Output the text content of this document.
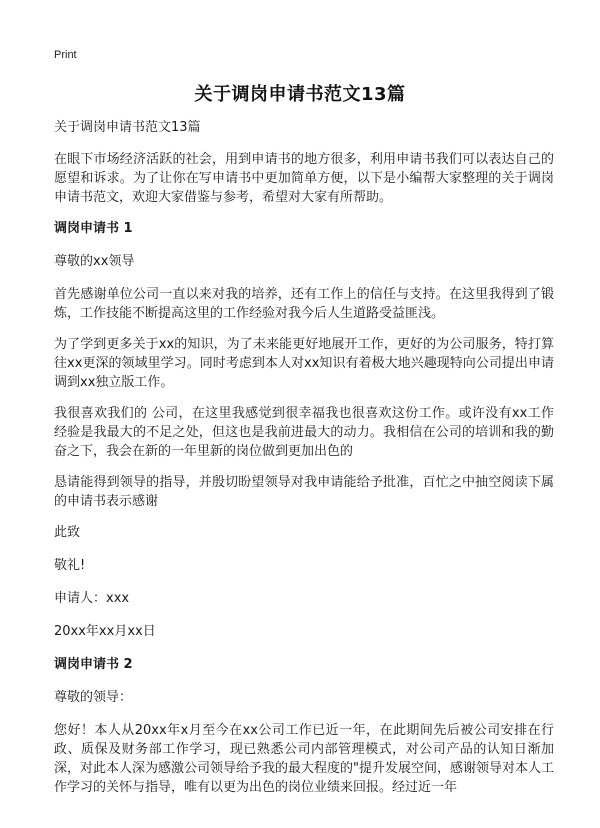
Print
关于调岗申请书范文13篇

关于调岗申请书范文13篇

在眼下市场经济活跃的社会，用到申请书的地方很多，利用申请书我们可以表达自己的愿望和诉求。为了让你在写申请书中更加简单方便，以下是小编帮大家整理的关于调岗申请书范文，欢迎大家借鉴与参考，希望对大家有所帮助。

调岗申请书 1

尊敬的xx领导

首先感谢单位公司一直以来对我的培养，还有工作上的信任与支持。在这里我得到了锻炼，工作技能不断提高这里的工作经验对我今后人生道路受益匪浅。

为了学到更多关于xx的知识，为了未来能更好地展开工作，更好的为公司服务，特打算往xx更深的领域里学习。同时考虑到本人对xx知识有着极大地兴趣现特向公司提出申请调到xx独立版工作。

我很喜欢我们的 公司，在这里我感觉到很幸福我也很喜欢这份工作。或许没有xx工作经验是我最大的不足之处，但这也是我前进最大的动力。我相信在公司的培训和我的勤奋之下，我会在新的一年里新的岗位做到更加出色的

恳请能得到领导的指导，并殷切盼望领导对我申请能给予批准，百忙之中抽空阅读下属的申请书表示感谢

此致

敬礼!

申请人：xxx

20xx年xx月xx日

调岗申请书 2

尊敬的领导：

您好！本人从20xx年x月至今在xx公司工作已近一年，在此期间先后被公司安排在行政、质保及财务部工作学习，现已熟悉公司内部管理模式，对公司产品的认知日渐加深，对此本人深为感激公司领导给予我的最大程度的"提升发展空间，感谢领导对本人工作学习的关怀与指导，唯有以更为出色的岗位业绩来回报。经过近一年
